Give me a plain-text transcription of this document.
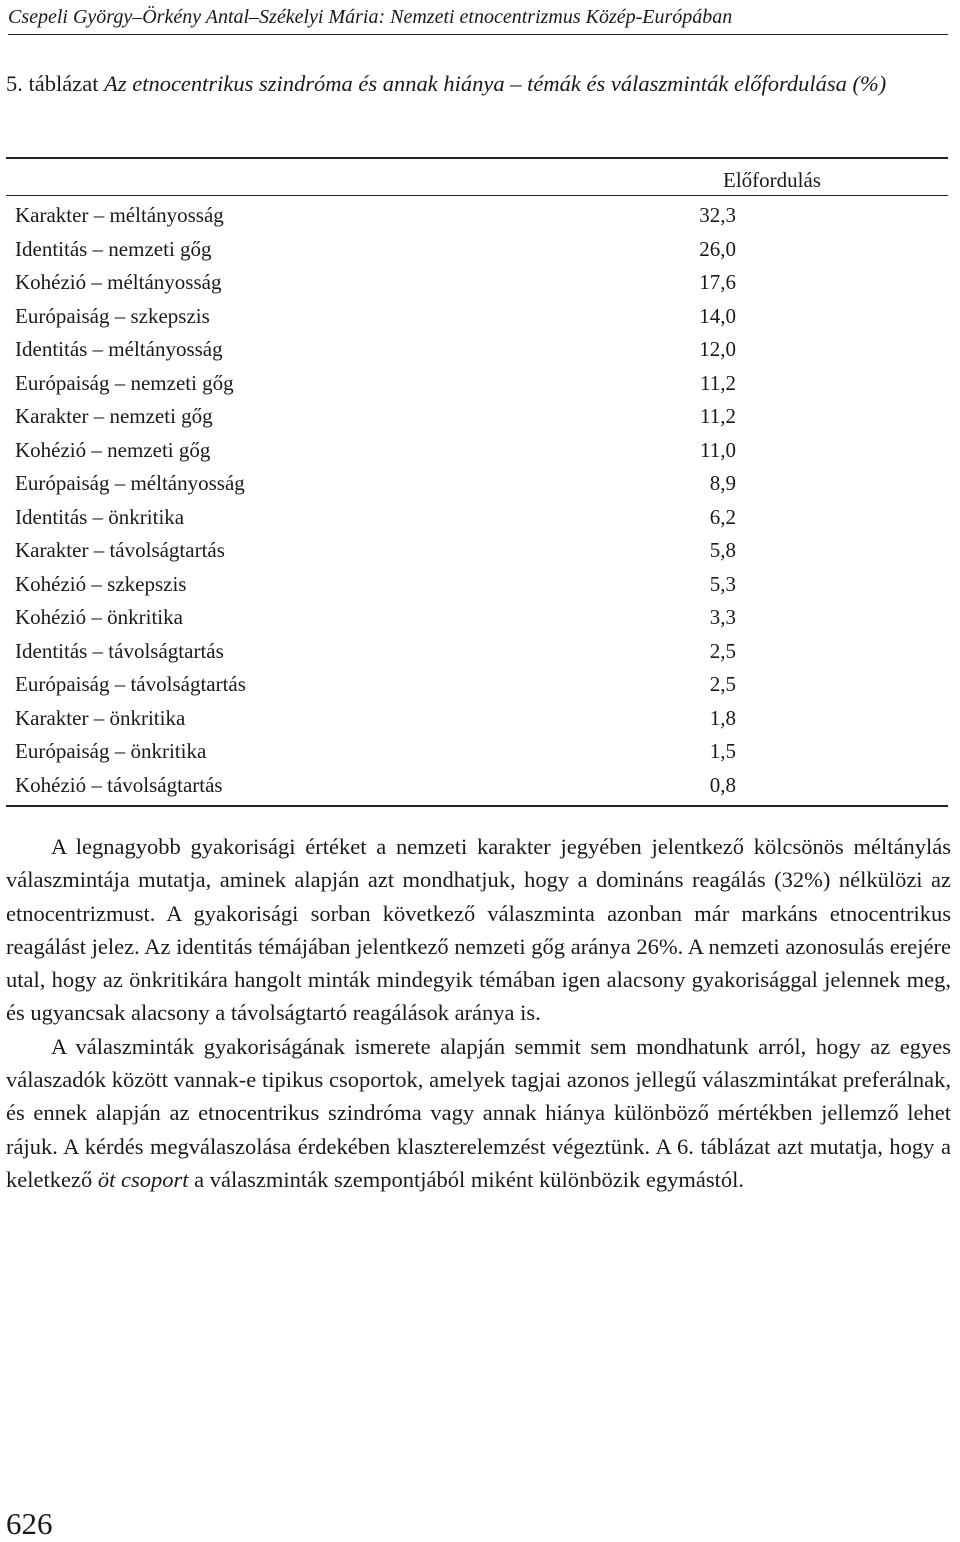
Csepeli György–Örkény Antal–Székelyi Mária: Nemzeti etnocentrizmus Közép-Európában
5. táblázat Az etnocentrikus szindróma és annak hiánya – témák és válaszminták előfordulása (%)
Előfordulás
Karakter – méltányosság	32,3
Identitás – nemzeti gőg	26,0
Kohézió – méltányosság	17,6
Európaiság – szkepszis	14,0
Identitás – méltányosság	12,0
Európaiság – nemzeti gőg	11,2
Karakter – nemzeti gőg	11,2
Kohézió – nemzeti gőg	11,0
Európaiság – méltányosság	8,9
Identitás – önkritika	6,2
Karakter – távolságtartás	5,8
Kohézió – szkepszis	5,3
Kohézió – önkritika	3,3
Identitás – távolságtartás	2,5
Európaiság – távolságtartás	2,5
Karakter – önkritika	1,8
Európaiság – önkritika	1,5
Kohézió – távolságtartás	0,8

A legnagyobb gyakorisági értéket a nemzeti karakter jegyében jelentkező kölcsönös méltánylás válaszmintája mutatja, aminek alapján azt mondhatjuk, hogy a domináns reagálás (32%) nélkülözi az etnocentrizmust. A gyakorisági sorban következő válaszminta azonban már markáns etnocentrikus reagálást jelez. Az identitás témájában jelentkező nemzeti gőg aránya 26%. A nemzeti azonosulás erejére utal, hogy az önkritikára hangolt minták mindegyik témában igen alacsony gyakorisággal jelennek meg, és ugyancsak alacsony a távolságtartó reagálások aránya is.

A válaszminták gyakoriságának ismerete alapján semmit sem mondhatunk arról, hogy az egyes válaszadók között vannak-e tipikus csoportok, amelyek tagjai azonos jellegű válaszmintákat preferálnak, és ennek alapján az etnocentrikus szindróma vagy annak hiánya különböző mértékben jellemző lehet rájuk. A kérdés megválaszolása érdekében klaszterelemzést végeztünk. A 6. táblázat azt mutatja, hogy a keletkező öt csoport a válaszminták szempontjából miként különbözik egymástól.

626
